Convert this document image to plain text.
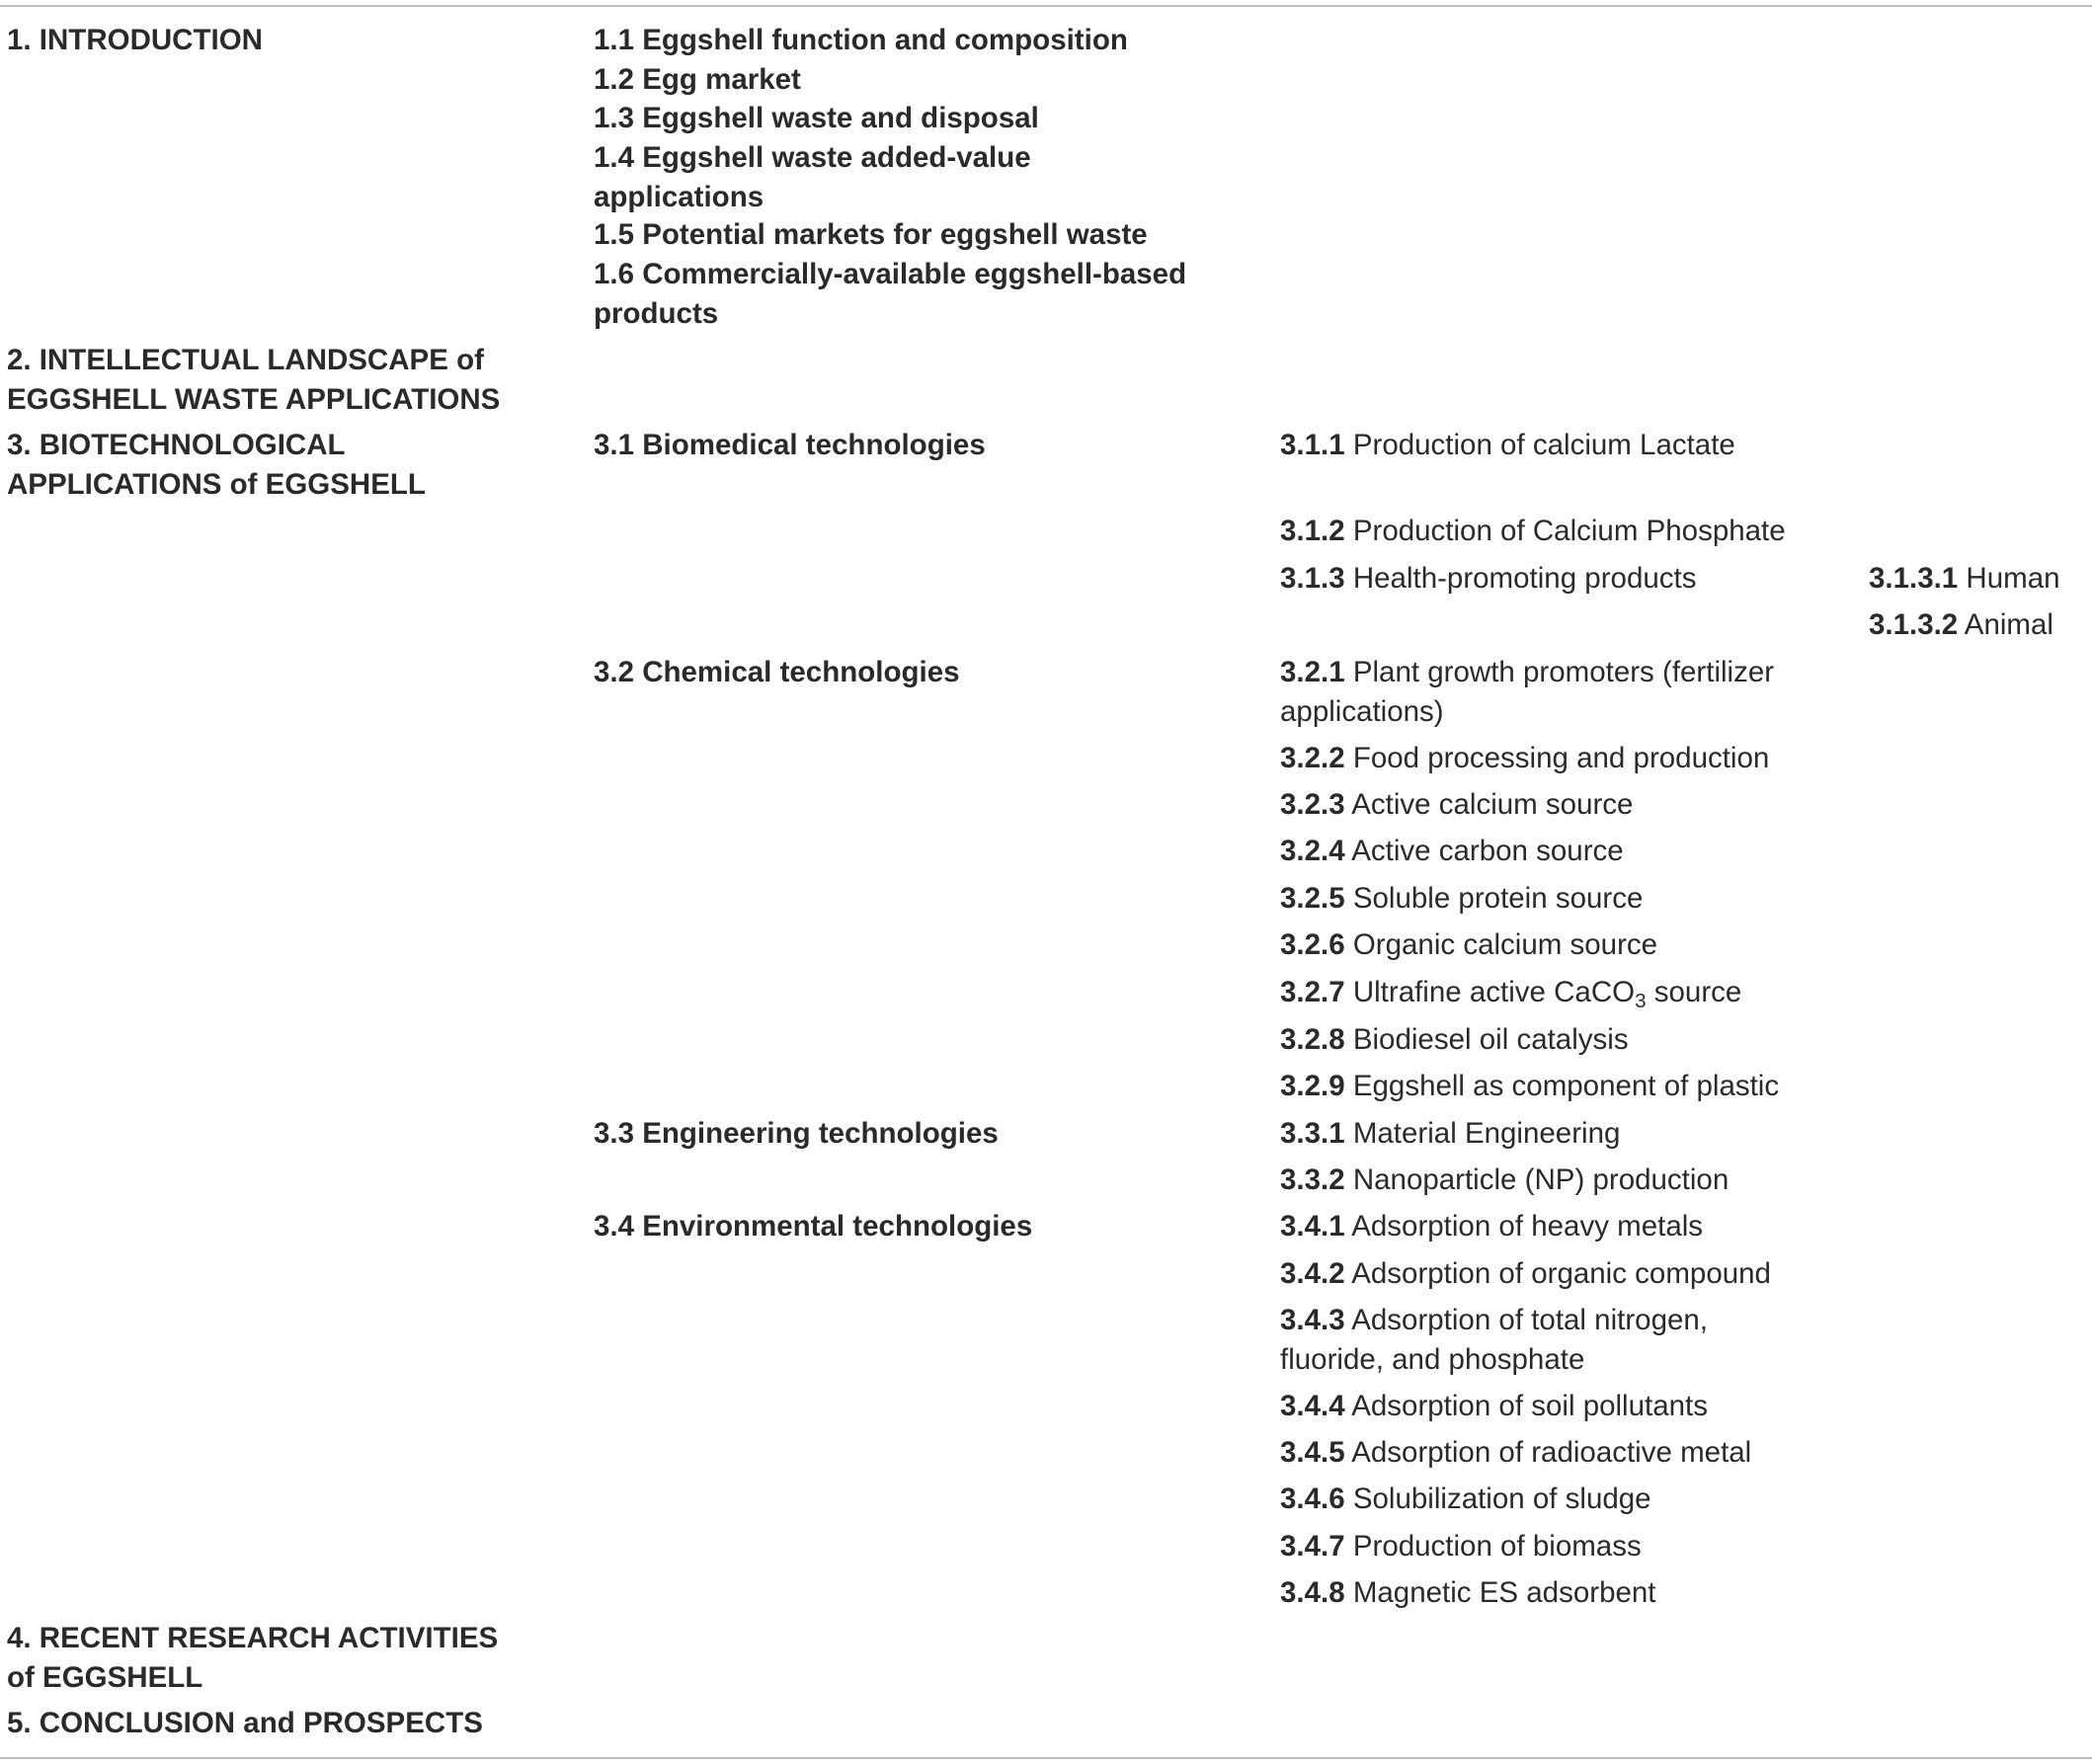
1. INTRODUCTION
2. INTELLECTUAL LANDSCAPE of
EGGSHELL WASTE APPLICATIONS
3. BIOTECHNOLOGICAL
APPLICATIONS of EGGSHELL
4. RECENT RESEARCH ACTIVITIES
of EGGSHELL
5. CONCLUSION and PROSPECTS
1.1 Eggshell function and composition
1.2 Egg market
1.3 Eggshell waste and disposal
1.4 Eggshell waste added-value
applications
1.5 Potential markets for eggshell waste
1.6 Commercially-available eggshell-based
products
3.1 Biomedical technologies
3.2 Chemical technologies
3.3 Engineering technologies
3.4 Environmental technologies
3.1.1 Production of calcium Lactate
3.1.2 Production of Calcium Phosphate
3.1.3 Health-promoting products
3.2.1 Plant growth promoters (fertilizer
applications)
3.2.2 Food processing and production
3.2.3 Active calcium source
3.2.4 Active carbon source
3.2.5 Soluble protein source
3.2.6 Organic calcium source
3.2.7 Ultrafine active CaCO$_3$ source
3.2.8 Biodiesel oil catalysis
3.2.9 Eggshell as component of plastic
3.3.1 Material Engineering
3.3.2 Nanoparticle (NP) production
3.4.1 Adsorption of heavy metals
3.4.2 Adsorption of organic compound
3.4.3 Adsorption of total nitrogen,
fluoride, and phosphate
3.4.4 Adsorption of soil pollutants
3.4.5 Adsorption of radioactive metal
3.4.6 Solubilization of sludge
3.4.7 Production of biomass
3.4.8 Magnetic ES adsorbent
3.1.3.1 Human
3.1.3.2 Animal
